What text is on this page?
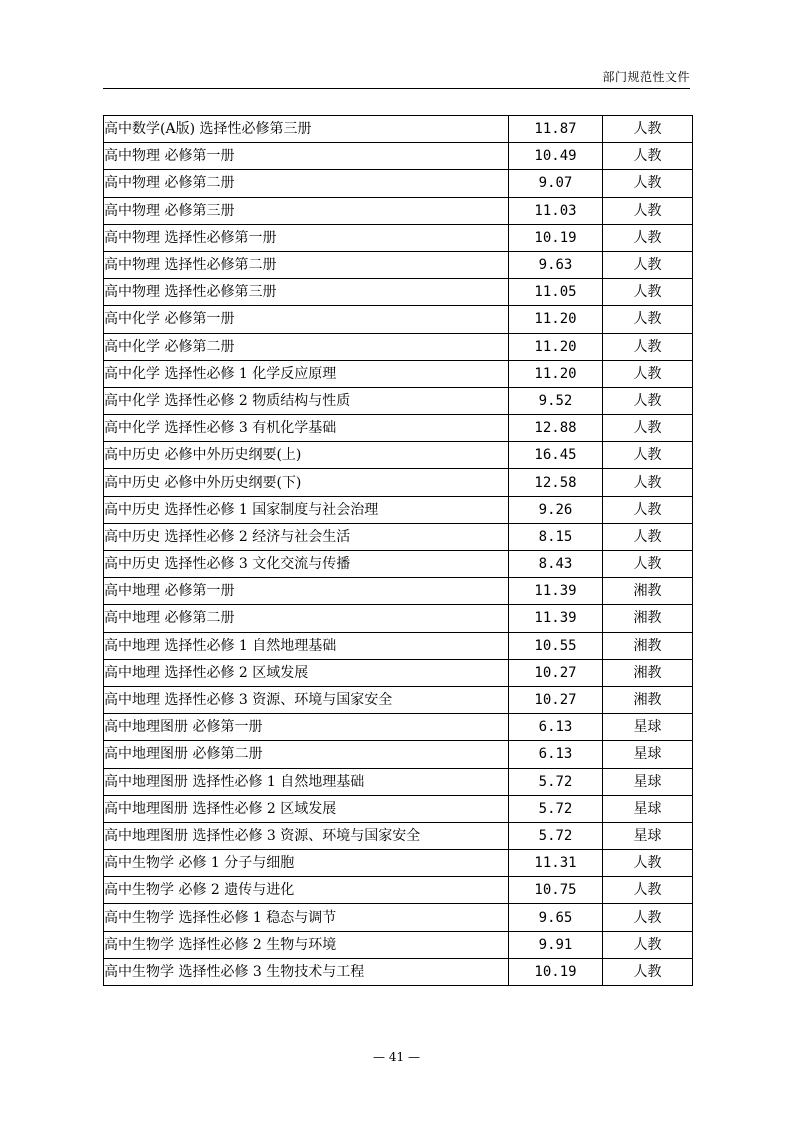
部门规范性文件
高中数学(A版) 选择性必修第三册	11.87	人教
高中物理 必修第一册	10.49	人教
高中物理 必修第二册	9.07	人教
高中物理 必修第三册	11.03	人教
高中物理 选择性必修第一册	10.19	人教
高中物理 选择性必修第二册	9.63	人教
高中物理 选择性必修第三册	11.05	人教
高中化学 必修第一册	11.20	人教
高中化学 必修第二册	11.20	人教
高中化学 选择性必修 1 化学反应原理	11.20	人教
高中化学 选择性必修 2 物质结构与性质	9.52	人教
高中化学 选择性必修 3 有机化学基础	12.88	人教
高中历史 必修中外历史纲要(上)	16.45	人教
高中历史 必修中外历史纲要(下)	12.58	人教
高中历史 选择性必修 1 国家制度与社会治理	9.26	人教
高中历史 选择性必修 2 经济与社会生活	8.15	人教
高中历史 选择性必修 3 文化交流与传播	8.43	人教
高中地理 必修第一册	11.39	湘教
高中地理 必修第二册	11.39	湘教
高中地理 选择性必修 1 自然地理基础	10.55	湘教
高中地理 选择性必修 2 区域发展	10.27	湘教
高中地理 选择性必修 3 资源、环境与国家安全	10.27	湘教
高中地理图册 必修第一册	6.13	星球
高中地理图册 必修第二册	6.13	星球
高中地理图册 选择性必修 1 自然地理基础	5.72	星球
高中地理图册 选择性必修 2 区域发展	5.72	星球
高中地理图册 选择性必修 3 资源、环境与国家安全	5.72	星球
高中生物学 必修 1 分子与细胞	11.31	人教
高中生物学 必修 2 遗传与进化	10.75	人教
高中生物学 选择性必修 1 稳态与调节	9.65	人教
高中生物学 选择性必修 2 生物与环境	9.91	人教
高中生物学 选择性必修 3 生物技术与工程	10.19	人教
— 41 —
